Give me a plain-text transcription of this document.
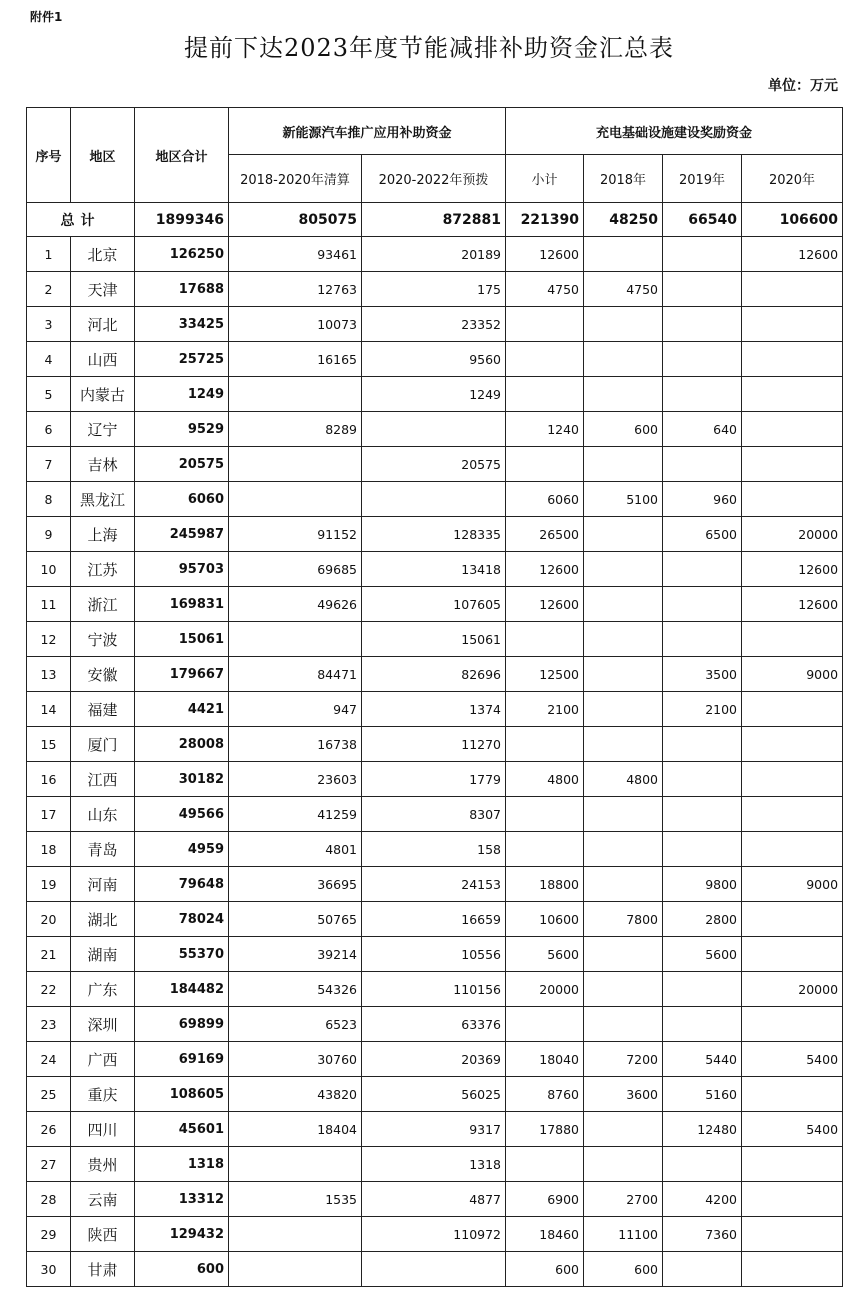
附件1
提前下达2023年度节能减排补助资金汇总表
单位：万元
序号	地区	地区合计	新能源汽车推广应用补助资金		充电基础设施建设奖励资金			
			2018-2020年清算	2020-2022年预拨	小计	2018年	2019年	2020年
总计		1899346	805075	872881	221390	48250	66540	106600
1	北京	126250	93461	20189	12600			12600
2	天津	17688	12763	175	4750	4750		
3	河北	33425	10073	23352				
4	山西	25725	16165	9560				
5	内蒙古	1249		1249				
6	辽宁	9529	8289		1240	600	640	
7	吉林	20575		20575				
8	黑龙江	6060			6060	5100	960	
9	上海	245987	91152	128335	26500		6500	20000
10	江苏	95703	69685	13418	12600			12600
11	浙江	169831	49626	107605	12600			12600
12	宁波	15061		15061				
13	安徽	179667	84471	82696	12500		3500	9000
14	福建	4421	947	1374	2100		2100	
15	厦门	28008	16738	11270				
16	江西	30182	23603	1779	4800	4800		
17	山东	49566	41259	8307				
18	青岛	4959	4801	158				
19	河南	79648	36695	24153	18800		9800	9000
20	湖北	78024	50765	16659	10600	7800	2800	
21	湖南	55370	39214	10556	5600		5600	
22	广东	184482	54326	110156	20000			20000
23	深圳	69899	6523	63376				
24	广西	69169	30760	20369	18040	7200	5440	5400
25	重庆	108605	43820	56025	8760	3600	5160	
26	四川	45601	18404	9317	17880		12480	5400
27	贵州	1318		1318				
28	云南	13312	1535	4877	6900	2700	4200	
29	陕西	129432		110972	18460	11100	7360	
30	甘肃	600			600	600		
